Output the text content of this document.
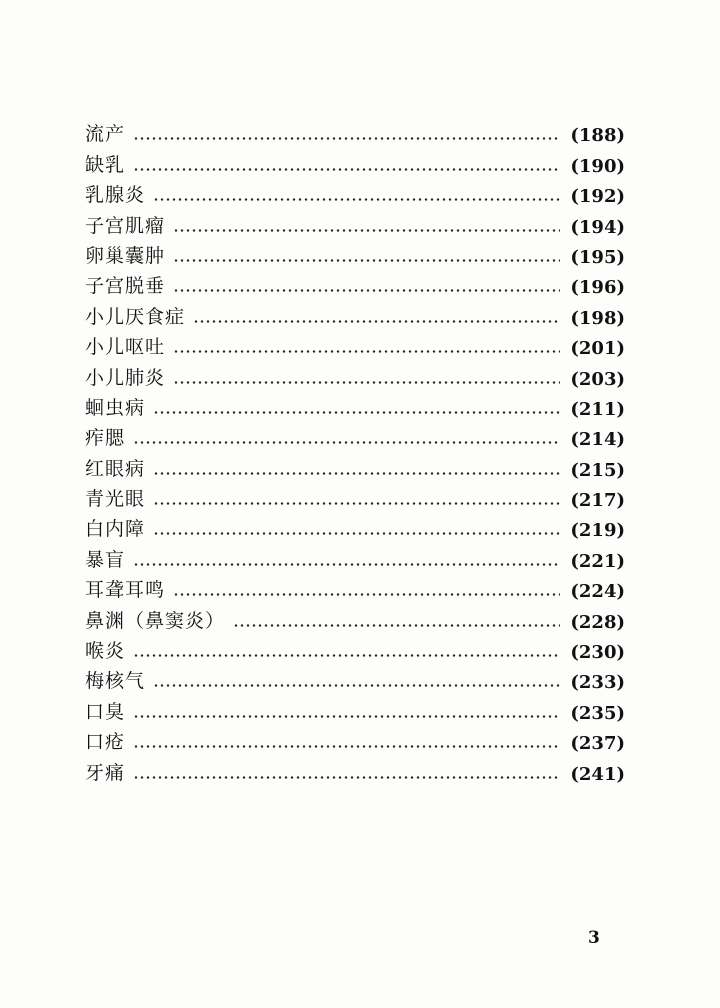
流产	(188)
缺乳	(190)
乳腺炎	(192)
子宫肌瘤	(194)
卵巢囊肿	(195)
子宫脱垂	(196)
小儿厌食症	(198)
小儿呕吐	(201)
小儿肺炎	(203)
蛔虫病	(211)
痄腮	(214)
红眼病	(215)
青光眼	(217)
白内障	(219)
暴盲	(221)
耳聋耳鸣	(224)
鼻渊（鼻窦炎）	(228)
喉炎	(230)
梅核气	(233)
口臭	(235)
口疮	(237)
牙痛	(241)
3
